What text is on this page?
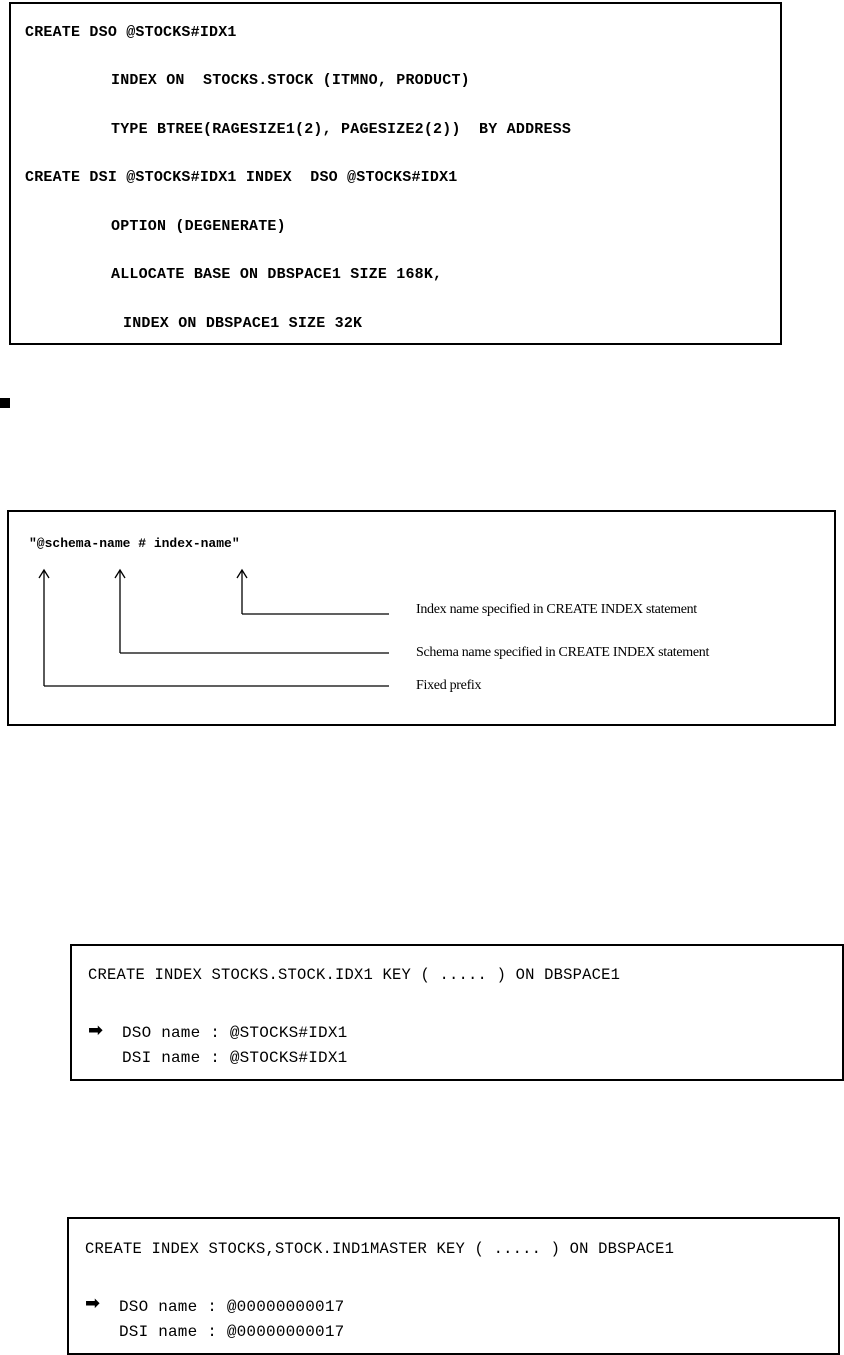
CREATE DSO @STOCKS#IDX1
INDEX ON  STOCKS.STOCK (ITMNO, PRODUCT)
TYPE BTREE(RAGESIZE1(2), PAGESIZE2(2))  BY ADDRESS
CREATE DSI @STOCKS#IDX1 INDEX  DSO @STOCKS#IDX1
OPTION (DEGENERATE)
ALLOCATE BASE ON DBSPACE1 SIZE 168K,
INDEX ON DBSPACE1 SIZE 32K
"@schema-name # index-name"
Index name specified in CREATE INDEX statement
Schema name specified in CREATE INDEX statement
Fixed prefix
CREATE INDEX STOCKS.STOCK.IDX1 KEY ( ..... ) ON DBSPACE1
➡ DSO name : @STOCKS#IDX1
DSI name : @STOCKS#IDX1
CREATE INDEX STOCKS,STOCK.IND1MASTER KEY ( ..... ) ON DBSPACE1
➡ DSO name : @00000000017
DSI name : @00000000017
